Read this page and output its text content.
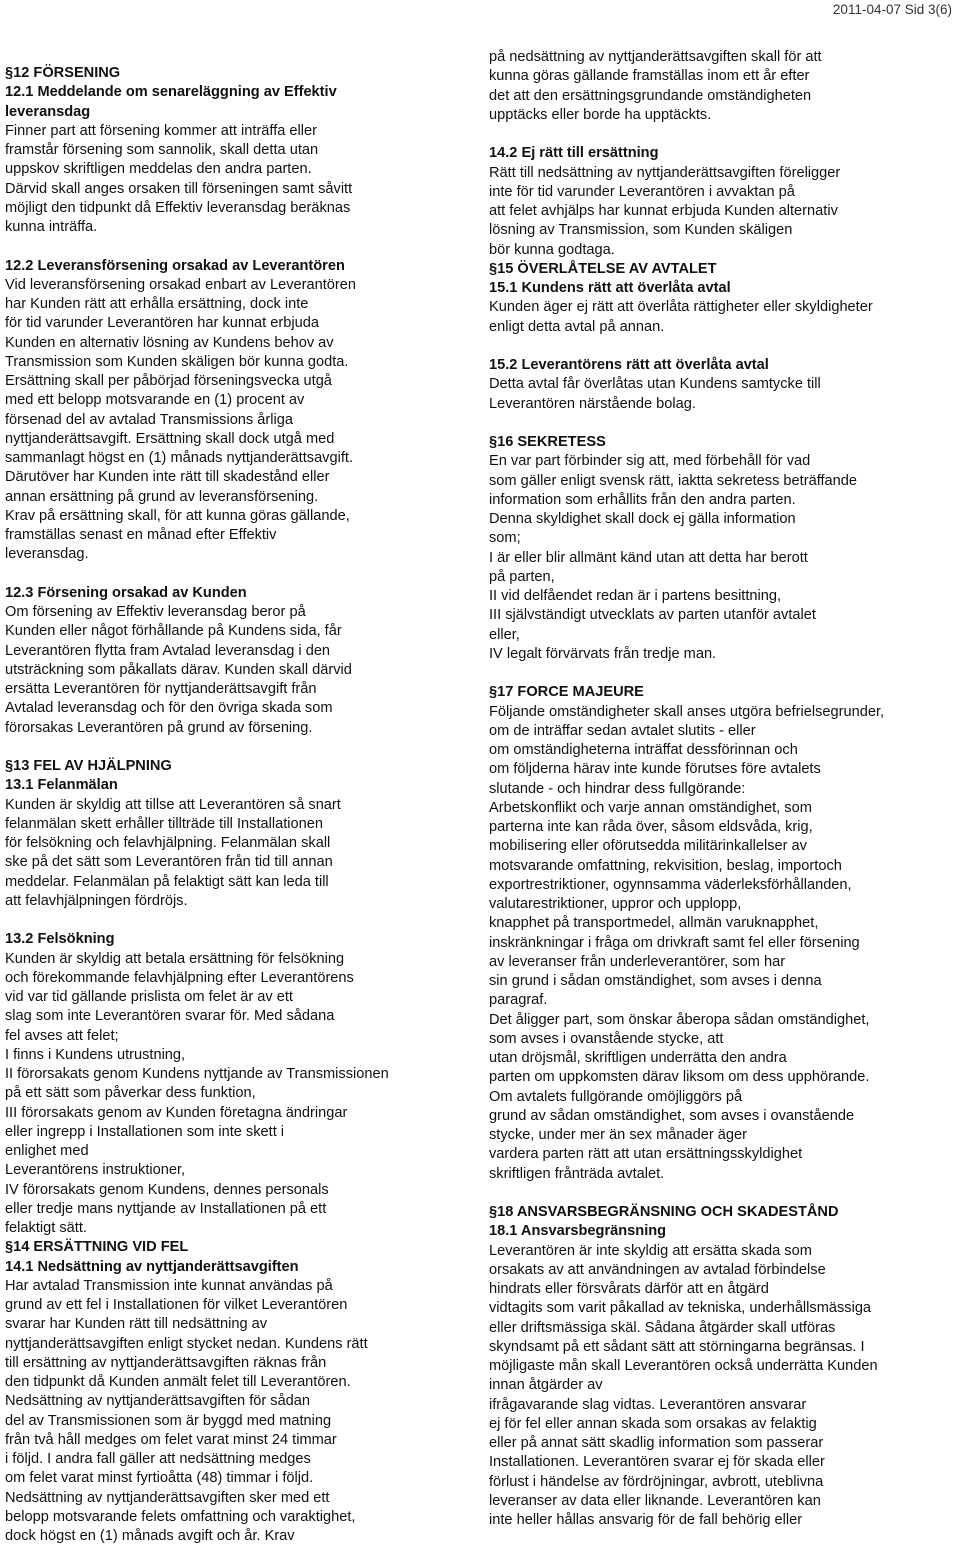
2011-04-07 Sid 3(6)
§12 FÖRSENING
12.1 Meddelande om senareläggning av Effektiv
leveransdag
Finner part att försening kommer att inträffa eller
framstår försening som sannolik, skall detta utan
uppskov skriftligen meddelas den andra parten.
Därvid skall anges orsaken till förseningen samt såvitt
möjligt den tidpunkt då Effektiv leveransdag beräknas
kunna inträffa.
12.2 Leveransförsening orsakad av Leverantören
Vid leveransförsening orsakad enbart av Leverantören
har Kunden rätt att erhålla ersättning, dock inte
för tid varunder Leverantören har kunnat erbjuda
Kunden en alternativ lösning av Kundens behov av
Transmission som Kunden skäligen bör kunna godta.
Ersättning skall per påbörjad förseningsvecka utgå
med ett belopp motsvarande en (1) procent av
försenad del av avtalad Transmissions årliga
nyttjanderättsavgift. Ersättning skall dock utgå med
sammanlagt högst en (1) månads nyttjanderättsavgift.
Därutöver har Kunden inte rätt till skadestånd eller
annan ersättning på grund av leveransförsening.
Krav på ersättning skall, för att kunna göras gällande,
framställas senast en månad efter Effektiv
leveransdag.
12.3 Försening orsakad av Kunden
Om försening av Effektiv leveransdag beror på
Kunden eller något förhållande på Kundens sida, får
Leverantören flytta fram Avtalad leveransdag i den
utsträckning som påkallats därav. Kunden skall därvid
ersätta Leverantören för nyttjanderättsavgift från
Avtalad leveransdag och för den övriga skada som
förorsakas Leverantören på grund av försening.
§13 FEL AV HJÄLPNING
13.1 Felanmälan
Kunden är skyldig att tillse att Leverantören så snart
felanmälan skett erhåller tillträde till Installationen
för felsökning och felavhjälpning. Felanmälan skall
ske på det sätt som Leverantören från tid till annan
meddelar. Felanmälan på felaktigt sätt kan leda till
att felavhjälpningen fördröjs.
13.2 Felsökning
Kunden är skyldig att betala ersättning för felsökning
och förekommande felavhjälpning efter Leverantörens
vid var tid gällande prislista om felet är av ett
slag som inte Leverantören svarar för. Med sådana
fel avses att felet;
I finns i Kundens utrustning,
II förorsakats genom Kundens nyttjande av Transmissionen
på ett sätt som påverkar dess funktion,
III förorsakats genom av Kunden företagna ändringar
eller ingrepp i Installationen som inte skett i
enlighet med
Leverantörens instruktioner,
IV förorsakats genom Kundens, dennes personals
eller tredje mans nyttjande av Installationen på ett
felaktigt sätt.
§14 ERSÄTTNING VID FEL
14.1 Nedsättning av nyttjanderättsavgiften
Har avtalad Transmission inte kunnat användas på
grund av ett fel i Installationen för vilket Leverantören
svarar har Kunden rätt till nedsättning av
nyttjanderättsavgiften enligt stycket nedan. Kundens rätt
till ersättning av nyttjanderättsavgiften räknas från
den tidpunkt då Kunden anmält felet till Leverantören.
Nedsättning av nyttjanderättsavgiften för sådan
del av Transmissionen som är byggd med matning
från två håll medges om felet varat minst 24 timmar
i följd. I andra fall gäller att nedsättning medges
om felet varat minst fyrtioåtta (48) timmar i följd.
Nedsättning av nyttjanderättsavgiften sker med ett
belopp motsvarande felets omfattning och varaktighet,
dock högst en (1) månads avgift och år. Krav
på nedsättning av nyttjanderättsavgiften skall för att
kunna göras gällande framställas inom ett år efter
det att den ersättningsgrundande omständigheten
upptäcks eller borde ha upptäckts.
14.2 Ej rätt till ersättning
Rätt till nedsättning av nyttjanderättsavgiften föreligger
inte för tid varunder Leverantören i avvaktan på
att felet avhjälps har kunnat erbjuda Kunden alternativ
lösning av Transmission, som Kunden skäligen
bör kunna godtaga.
§15 ÖVERLÅTELSE AV AVTALET
15.1 Kundens rätt att överlåta avtal
Kunden äger ej rätt att överlåta rättigheter eller skyldigheter
enligt detta avtal på annan.
15.2 Leverantörens rätt att överlåta avtal
Detta avtal får överlåtas utan Kundens samtycke till
Leverantören närstående bolag.
§16 SEKRETESS
En var part förbinder sig att, med förbehåll för vad
som gäller enligt svensk rätt, iaktta sekretess beträffande
information som erhållits från den andra parten.
Denna skyldighet skall dock ej gälla information
som;
I är eller blir allmänt känd utan att detta har berott
på parten,
II vid delfåendet redan är i partens besittning,
III självständigt utvecklats av parten utanför avtalet
eller,
IV legalt förvärvats från tredje man.
§17 FORCE MAJEURE
Följande omständigheter skall anses utgöra befrielsegrunder,
om de inträffar sedan avtalet slutits - eller
om omständigheterna inträffat dessförinnan och
om följderna härav inte kunde förutses före avtalets
slutande - och hindrar dess fullgörande:
Arbetskonflikt och varje annan omständighet, som
parterna inte kan råda över, såsom eldsvåda, krig,
mobilisering eller oförutsedda militärinkallelser av
motsvarande omfattning, rekvisition, beslag, importoch
exportrestriktioner, ogynnsamma väderleksförhållanden,
valutarestriktioner, uppror och upplopp,
knapphet på transportmedel, allmän varuknapphet,
inskränkningar i fråga om drivkraft samt fel eller försening
av leveranser från underleverantörer, som har
sin grund i sådan omständighet, som avses i denna
paragraf.
Det åligger part, som önskar åberopa sådan omständighet,
som avses i ovanstående stycke, att
utan dröjsmål, skriftligen underrätta den andra
parten om uppkomsten därav liksom om dess upphörande.
Om avtalets fullgörande omöjliggörs på
grund av sådan omständighet, som avses i ovanstående
stycke, under mer än sex månader äger
vardera parten rätt att utan ersättningsskyldighet
skriftligen frånträda avtalet.
§18 ANSVARSBEGRÄNSNING OCH SKADESTÅND
18.1 Ansvarsbegränsning
Leverantören är inte skyldig att ersätta skada som
orsakats av att användningen av avtalad förbindelse
hindrats eller försvårats därför att en åtgärd
vidtagits som varit påkallad av tekniska, underhållsmässiga
eller driftsmässiga skäl. Sådana åtgärder skall utföras
skyndsamt på ett sådant sätt att störningarna begränsas. I
möjligaste mån skall Leverantören också underrätta Kunden
innan åtgärder av
ifrågavarande slag vidtas. Leverantören ansvarar
ej för fel eller annan skada som orsakas av felaktig
eller på annat sätt skadlig information som passerar
Installationen. Leverantören svarar ej för skada eller
förlust i händelse av fördröjningar, avbrott, uteblivna
leveranser av data eller liknande. Leverantören kan
inte heller hållas ansvarig för de fall behörig eller
